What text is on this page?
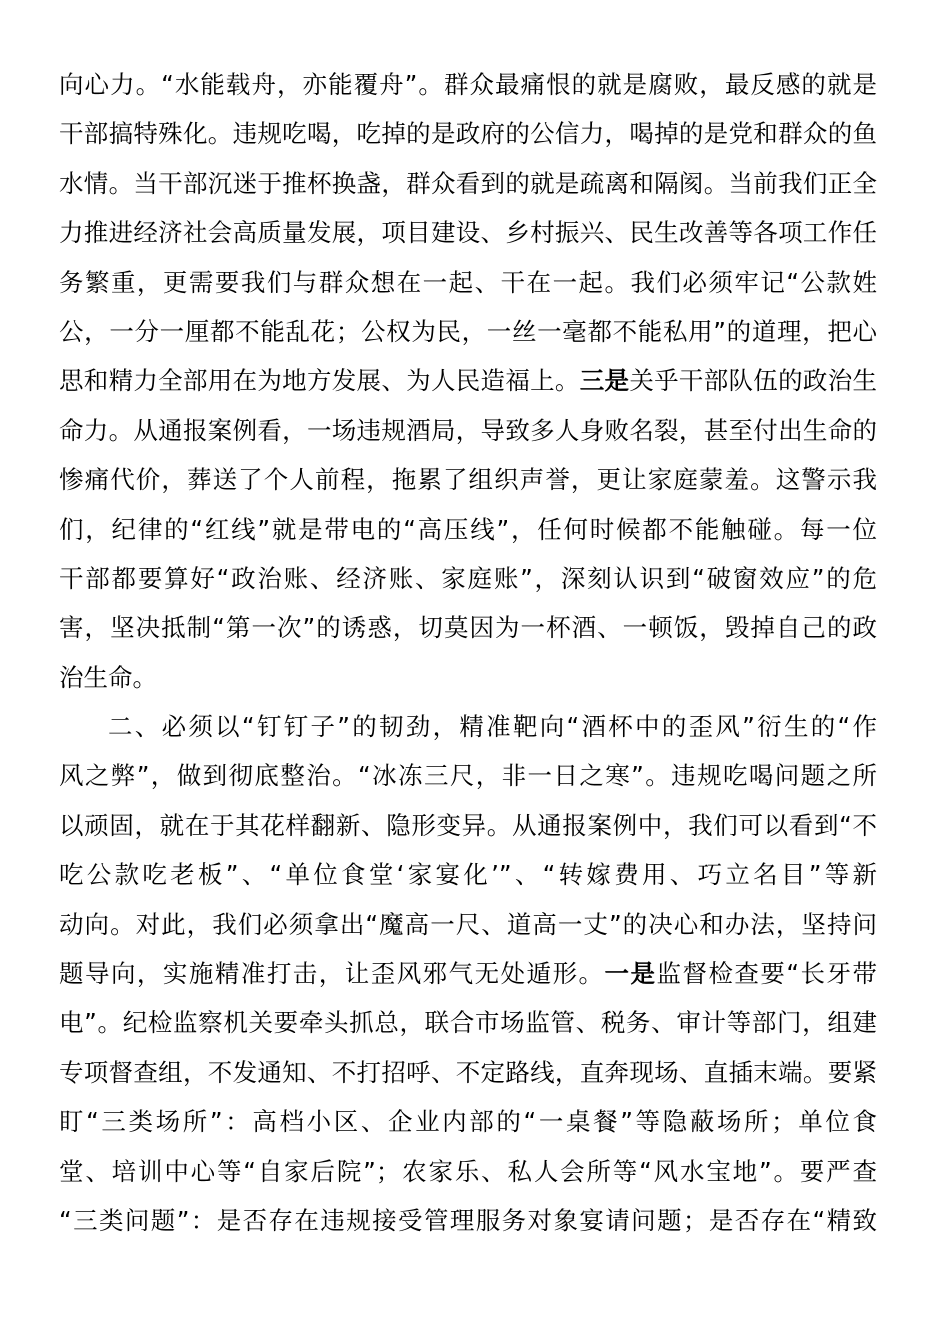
向心力。“水能载舟，亦能覆舟”。群众最痛恨的就是腐败，最反感的就是
干部搞特殊化。违规吃喝，吃掉的是政府的公信力，喝掉的是党和群众的鱼
水情。当干部沉迷于推杯换盏，群众看到的就是疏离和隔阂。当前我们正全
力推进经济社会高质量发展，项目建设、乡村振兴、民生改善等各项工作任
务繁重，更需要我们与群众想在一起、干在一起。我们必须牢记“公款姓
公，一分一厘都不能乱花；公权为民，一丝一毫都不能私用”的道理，把心
思和精力全部用在为地方发展、为人民造福上。三是关乎干部队伍的政治生
命力。从通报案例看，一场违规酒局，导致多人身败名裂，甚至付出生命的
惨痛代价，葬送了个人前程，拖累了组织声誉，更让家庭蒙羞。这警示我
们，纪律的“红线”就是带电的“高压线”，任何时候都不能触碰。每一位
干部都要算好“政治账、经济账、家庭账”，深刻认识到“破窗效应”的危
害，坚决抵制“第一次”的诱惑，切莫因为一杯酒、一顿饭，毁掉自己的政
治生命。
二、必须以“钉钉子”的韧劲，精准靶向“酒杯中的歪风”衍生的“作
风之弊”，做到彻底整治。“冰冻三尺，非一日之寒”。违规吃喝问题之所
以顽固，就在于其花样翻新、隐形变异。从通报案例中，我们可以看到“不
吃公款吃老板”、“单位食堂‘家宴化’”、“转嫁费用、巧立名目”等新
动向。对此，我们必须拿出“魔高一尺、道高一丈”的决心和办法，坚持问
题导向，实施精准打击，让歪风邪气无处遁形。一是监督检查要“长牙带
电”。纪检监察机关要牵头抓总，联合市场监管、税务、审计等部门，组建
专项督查组，不发通知、不打招呼、不定路线，直奔现场、直插末端。要紧
盯“三类场所”：高档小区、企业内部的“一桌餐”等隐蔽场所；单位食
堂、培训中心等“自家后院”；农家乐、私人会所等“风水宝地”。要严查
“三类问题”：是否存在违规接受管理服务对象宴请问题；是否存在“精致
